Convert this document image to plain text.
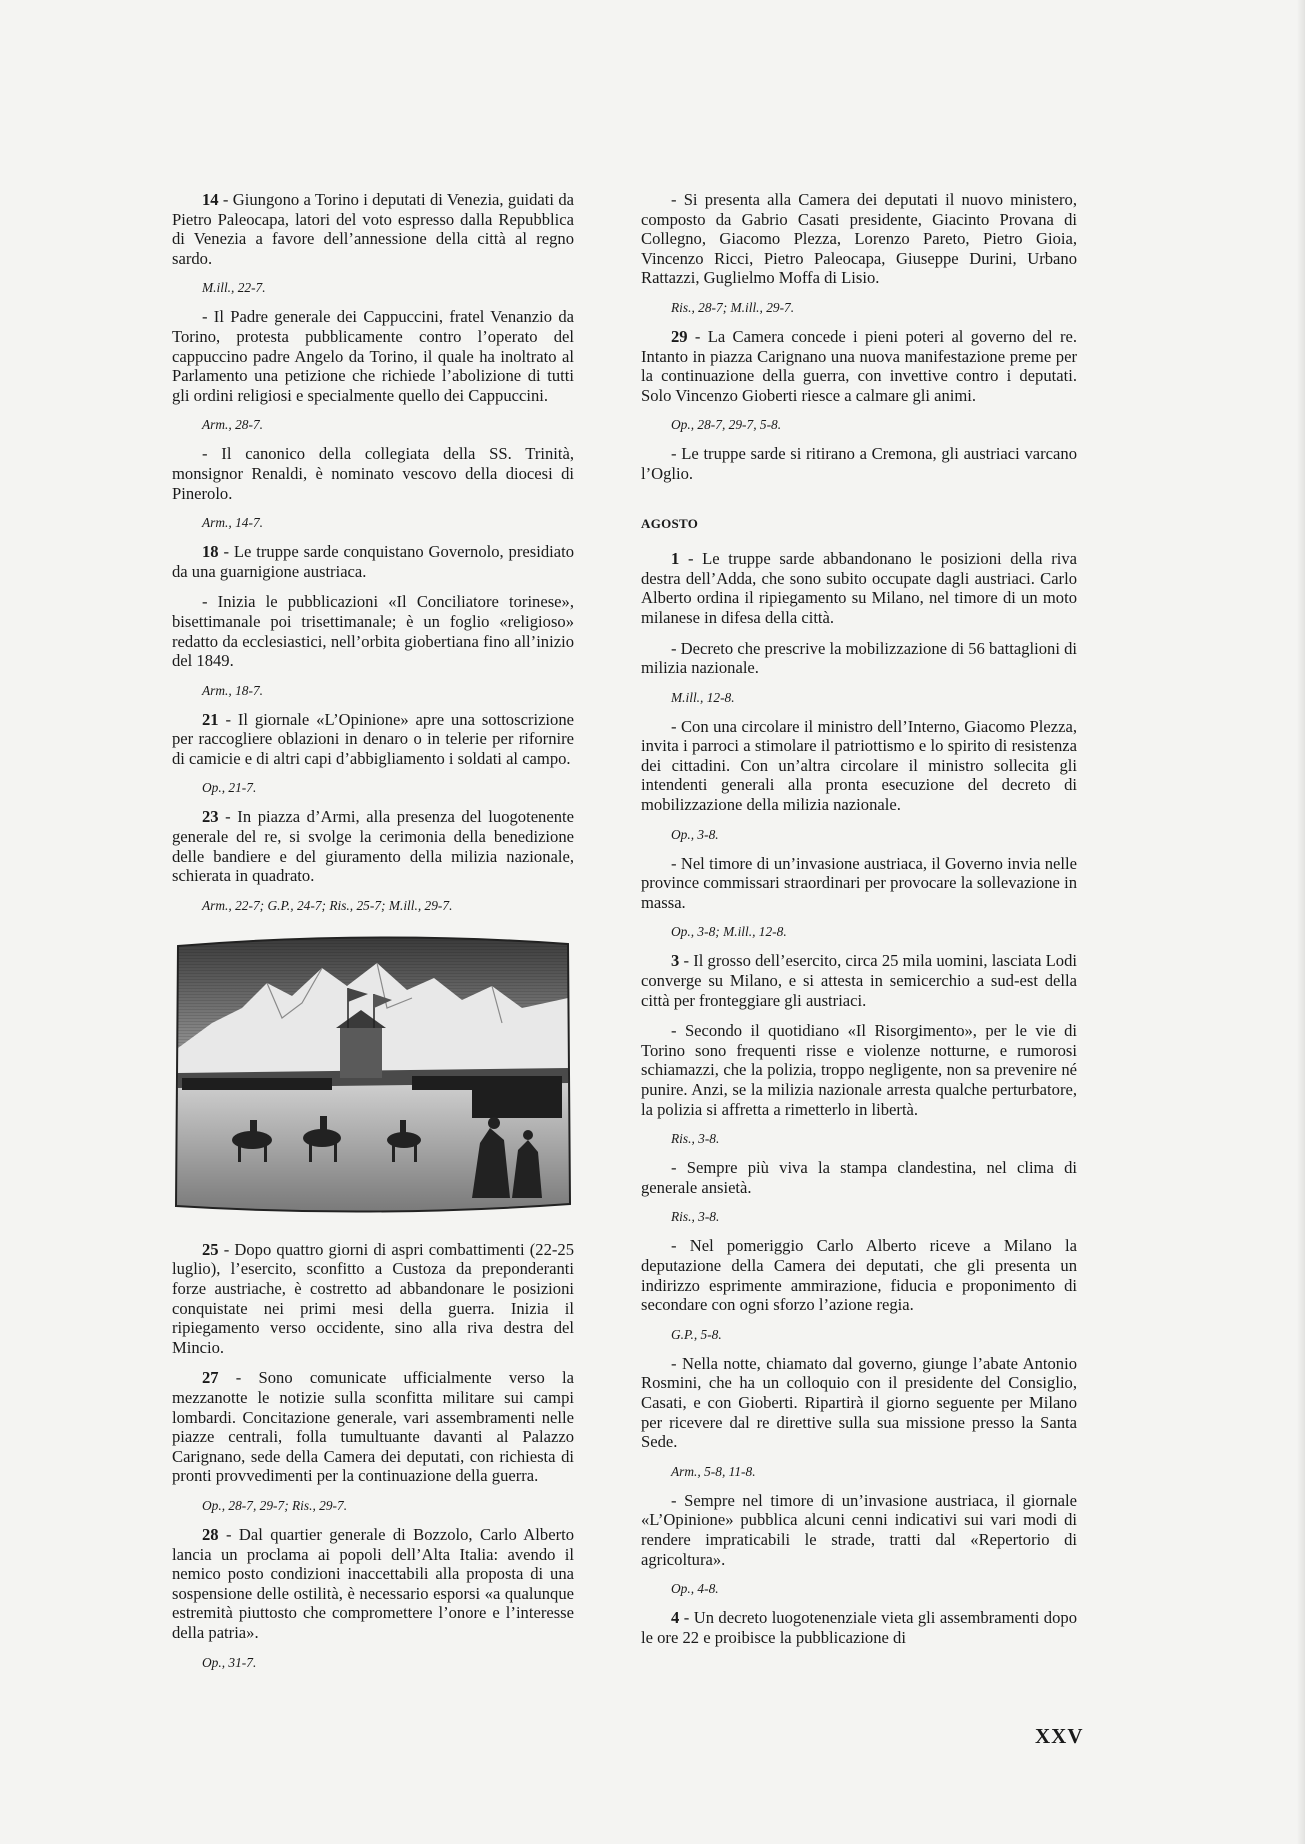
14 - Giungono a Torino i deputati di Venezia, guidati da Pietro Paleocapa, latori del voto espresso dalla Repubblica di Venezia a favore dell’annessione della città al regno sardo.

M.ill., 22-7.

- Il Padre generale dei Cappuccini, fratel Venanzio da Torino, protesta pubblicamente contro l’operato del cappuccino padre Angelo da Torino, il quale ha inoltrato al Parlamento una petizione che richiede l’abolizione di tutti gli ordini religiosi e specialmente quello dei Cappuccini.

Arm., 28-7.

- Il canonico della collegiata della SS. Trinità, monsignor Renaldi, è nominato vescovo della diocesi di Pinerolo.

Arm., 14-7.

18 - Le truppe sarde conquistano Governolo, presidiato da una guarnigione austriaca.

- Inizia le pubblicazioni «Il Conciliatore torinese», bisettimanale poi trisettimanale; è un foglio «religioso» redatto da ecclesiastici, nell’orbita giobertiana fino all’inizio del 1849.

Arm., 18-7.

21 - Il giornale «L’Opinione» apre una sottoscrizione per raccogliere oblazioni in denaro o in telerie per rifornire di camicie e di altri capi d’abbigliamento i soldati al campo.

Op., 21-7.

23 - In piazza d’Armi, alla presenza del luogotenente generale del re, si svolge la cerimonia della benedizione delle bandiere e del giuramento della milizia nazionale, schierata in quadrato.

Arm., 22-7; G.P., 24-7; Ris., 25-7; M.ill., 29-7.

25 - Dopo quattro giorni di aspri combattimenti (22-25 luglio), l’esercito, sconfitto a Custoza da preponderanti forze austriache, è costretto ad abbandonare le posizioni conquistate nei primi mesi della guerra. Inizia il ripiegamento verso occidente, sino alla riva destra del Mincio.

27 - Sono comunicate ufficialmente verso la mezzanotte le notizie sulla sconfitta militare sui campi lombardi. Concitazione generale, vari assembramenti nelle piazze centrali, folla tumultuante davanti al Palazzo Carignano, sede della Camera dei deputati, con richiesta di pronti provvedimenti per la continuazione della guerra.

Op., 28-7, 29-7; Ris., 29-7.

28 - Dal quartier generale di Bozzolo, Carlo Alberto lancia un proclama ai popoli dell’Alta Italia: avendo il nemico posto condizioni inaccettabili alla proposta di una sospensione delle ostilità, è necessario esporsi «a qualunque estremità piuttosto che compromettere l’onore e l’interesse della patria».

Op., 31-7.

- Si presenta alla Camera dei deputati il nuovo ministero, composto da Gabrio Casati presidente, Giacinto Provana di Collegno, Giacomo Plezza, Lorenzo Pareto, Pietro Gioia, Vincenzo Ricci, Pietro Paleocapa, Giuseppe Durini, Urbano Rattazzi, Guglielmo Moffa di Lisio.

Ris., 28-7; M.ill., 29-7.

29 - La Camera concede i pieni poteri al governo del re. Intanto in piazza Carignano una nuova manifestazione preme per la continuazione della guerra, con invettive contro i deputati. Solo Vincenzo Gioberti riesce a calmare gli animi.

Op., 28-7, 29-7, 5-8.

- Le truppe sarde si ritirano a Cremona, gli austriaci varcano l’Oglio.

AGOSTO

1 - Le truppe sarde abbandonano le posizioni della riva destra dell’Adda, che sono subito occupate dagli austriaci. Carlo Alberto ordina il ripiegamento su Milano, nel timore di un moto milanese in difesa della città.

- Decreto che prescrive la mobilizzazione di 56 battaglioni di milizia nazionale.

M.ill., 12-8.

- Con una circolare il ministro dell’Interno, Giacomo Plezza, invita i parroci a stimolare il patriottismo e lo spirito di resistenza dei cittadini. Con un’altra circolare il ministro sollecita gli intendenti generali alla pronta esecuzione del decreto di mobilizzazione della milizia nazionale.

Op., 3-8.

- Nel timore di un’invasione austriaca, il Governo invia nelle province commissari straordinari per provocare la sollevazione in massa.

Op., 3-8; M.ill., 12-8.

3 - Il grosso dell’esercito, circa 25 mila uomini, lasciata Lodi converge su Milano, e si attesta in semicerchio a sud-est della città per fronteggiare gli austriaci.

- Secondo il quotidiano «Il Risorgimento», per le vie di Torino sono frequenti risse e violenze notturne, e rumorosi schiamazzi, che la polizia, troppo negligente, non sa prevenire né punire. Anzi, se la milizia nazionale arresta qualche perturbatore, la polizia si affretta a rimetterlo in libertà.

Ris., 3-8.

- Sempre più viva la stampa clandestina, nel clima di generale ansietà.

Ris., 3-8.

- Nel pomeriggio Carlo Alberto riceve a Milano la deputazione della Camera dei deputati, che gli presenta un indirizzo esprimente ammirazione, fiducia e proponimento di secondare con ogni sforzo l’azione regia.

G.P., 5-8.

- Nella notte, chiamato dal governo, giunge l’abate Antonio Rosmini, che ha un colloquio con il presidente del Consiglio, Casati, e con Gioberti. Ripartirà il giorno seguente per Milano per ricevere dal re direttive sulla sua missione presso la Santa Sede.

Arm., 5-8, 11-8.

- Sempre nel timore di un’invasione austriaca, il giornale «L’Opinione» pubblica alcuni cenni indicativi sui vari modi di rendere impraticabili le strade, tratti dal «Repertorio di agricoltura».

Op., 4-8.

4 - Un decreto luogotenenziale vieta gli assembramenti dopo le ore 22 e proibisce la pubblicazione di

XXV
